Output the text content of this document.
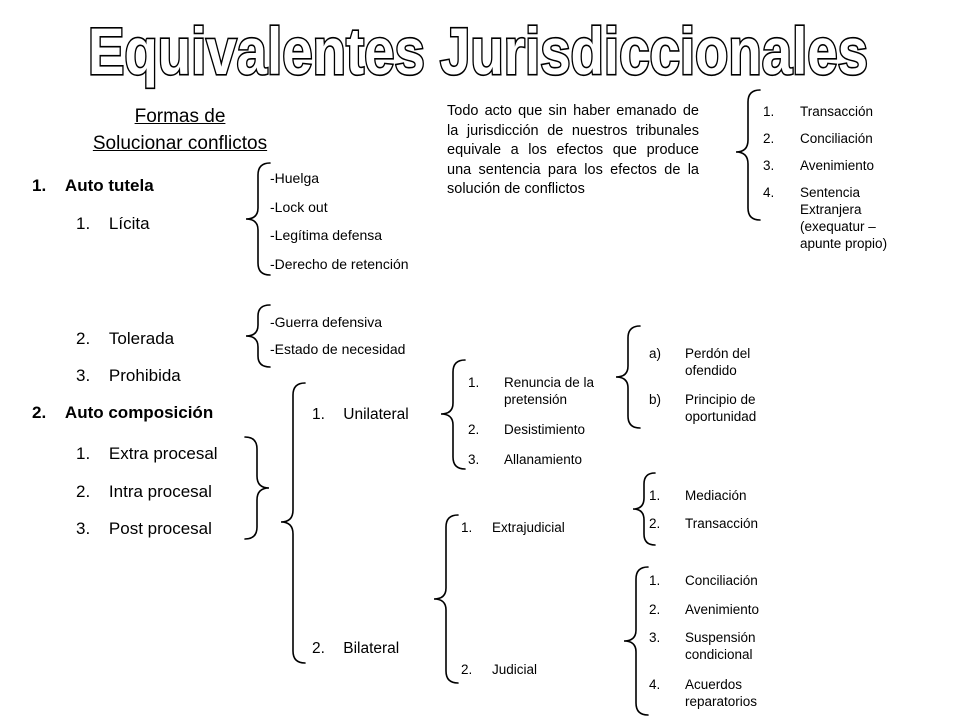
Equivalentes Jurisdiccionales
Formas de
Solucionar conflictos
1. Auto tutela
1. Lícita
2. Tolerada
3. Prohibida
-Huelga
-Lock out
-Legítima defensa
-Derecho de retención
-Guerra defensiva
-Estado de necesidad
2. Auto composición
1. Extra procesal
2. Intra procesal
3. Post procesal
1. Unilateral
2. Bilateral
1. Renuncia de la pretensión
2. Desistimiento
3. Allanamiento
a) Perdón del ofendido
b) Principio de oportunidad
1. Extrajudicial
2. Judicial
1. Mediación
2. Transacción
1. Conciliación
2. Avenimiento
3. Suspensión condicional
4. Acuerdos reparatorios
Todo acto que sin haber emanado de la jurisdicción de nuestros tribunales equivale a los efectos que produce una sentencia para los efectos de la solución de conflictos
1. Transacción
2. Conciliación
3. Avenimiento
4. Sentencia Extranjera (exequatur – apunte propio)
